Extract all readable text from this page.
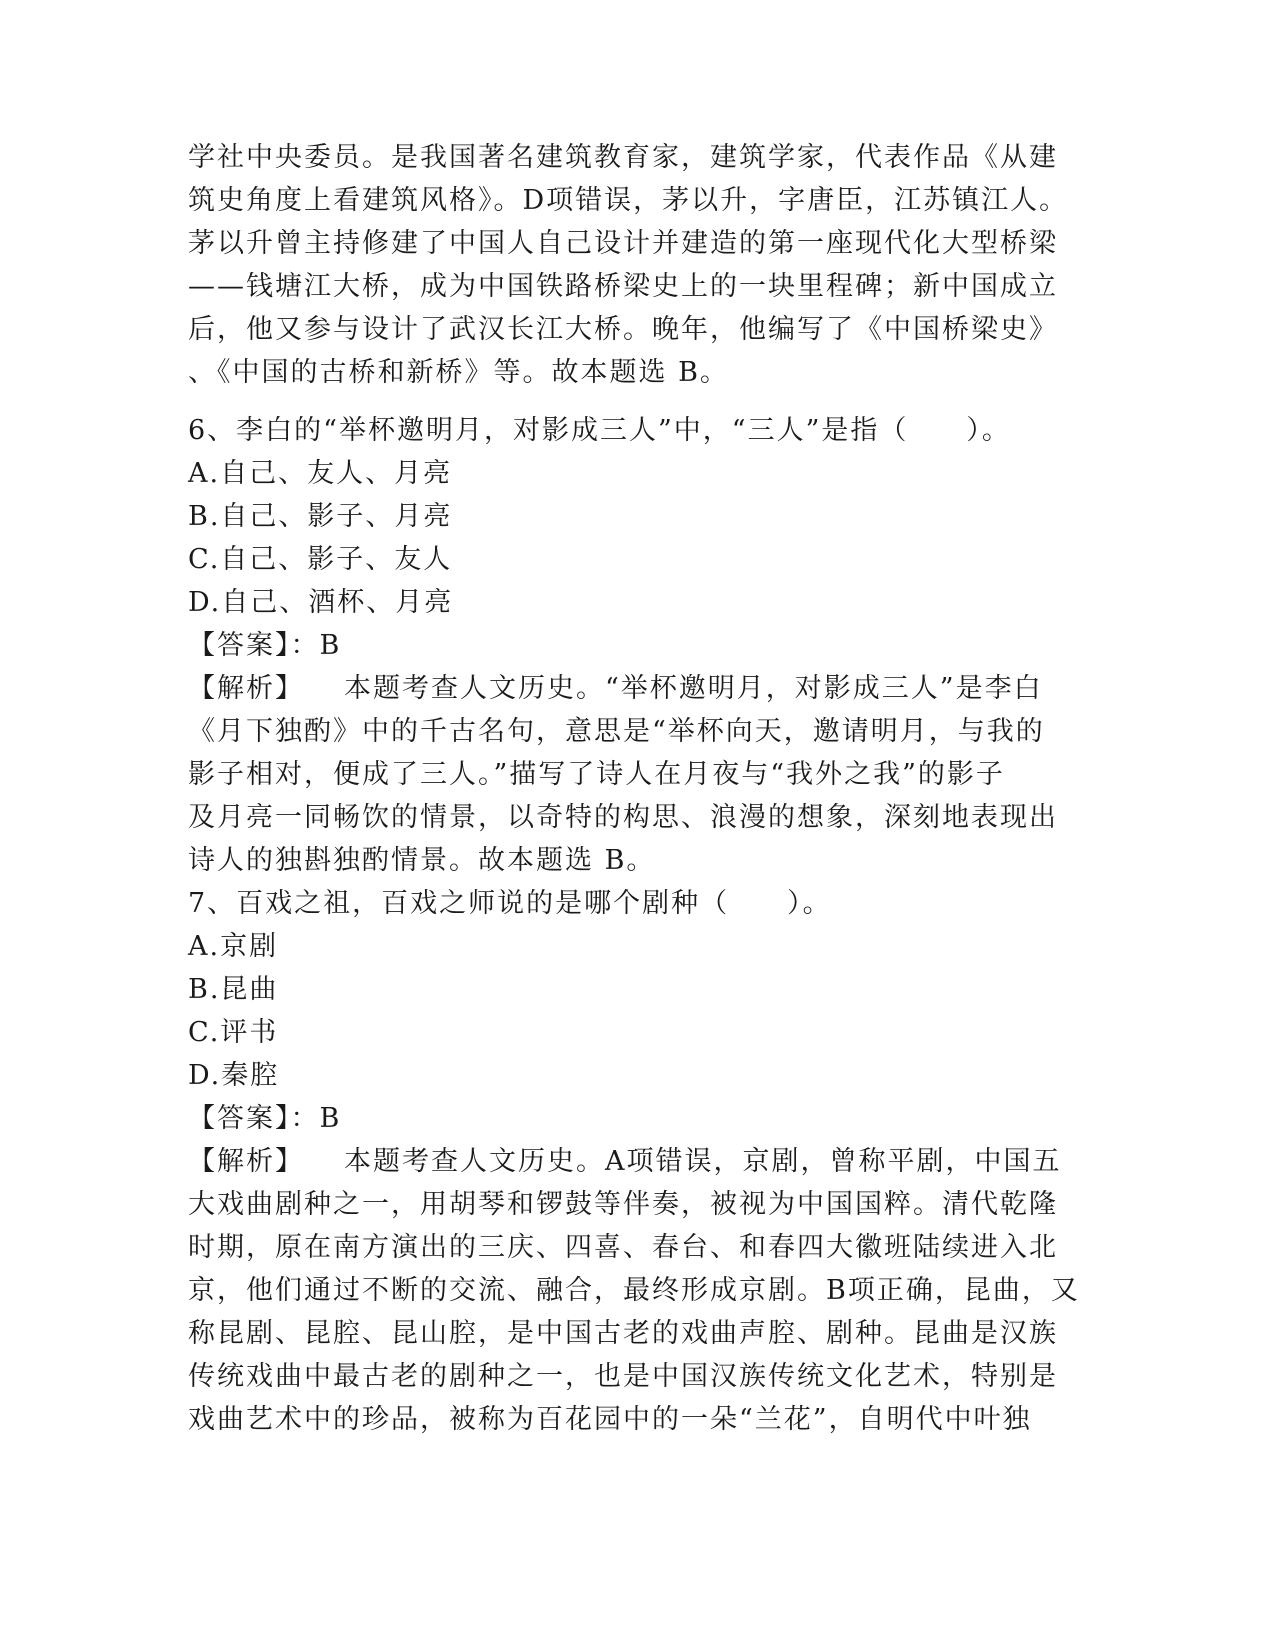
学社中央委员。是我国著名建筑教育家，建筑学家，代表作品《从建
筑史角度上看建筑风格》。D项错误，茅以升，字唐臣，江苏镇江人。
茅以升曾主持修建了中国人自己设计并建造的第一座现代化大型桥梁
——钱塘江大桥，成为中国铁路桥梁史上的一块里程碑；新中国成立
后，他又参与设计了武汉长江大桥。晚年，他编写了《中国桥梁史》
、《中国的古桥和新桥》等。故本题选 B。
6、李白的“举杯邀明月，对影成三人”中，“三人”是指（　　）。
A.自己、友人、月亮
B.自己、影子、月亮
C.自己、影子、友人
D.自己、酒杯、月亮
【答案】：B
【解析】 本题考查人文历史。“举杯邀明月，对影成三人”是李白
《月下独酌》中的千古名句，意思是“举杯向天，邀请明月，与我的
影子相对，便成了三人。”描写了诗人在月夜与“我外之我”的影子
及月亮一同畅饮的情景，以奇特的构思、浪漫的想象，深刻地表现出
诗人的独斟独酌情景。故本题选 B。
7、百戏之祖，百戏之师说的是哪个剧种（　　）。
A.京剧
B.昆曲
C.评书
D.秦腔
【答案】：B
【解析】 本题考查人文历史。A项错误，京剧，曾称平剧，中国五
大戏曲剧种之一，用胡琴和锣鼓等伴奏，被视为中国国粹。清代乾隆
时期，原在南方演出的三庆、四喜、春台、和春四大徽班陆续进入北
京，他们通过不断的交流、融合，最终形成京剧。B项正确，昆曲，又
称昆剧、昆腔、昆山腔，是中国古老的戏曲声腔、剧种。昆曲是汉族
传统戏曲中最古老的剧种之一，也是中国汉族传统文化艺术，特别是
戏曲艺术中的珍品，被称为百花园中的一朵“兰花”，自明代中叶独
